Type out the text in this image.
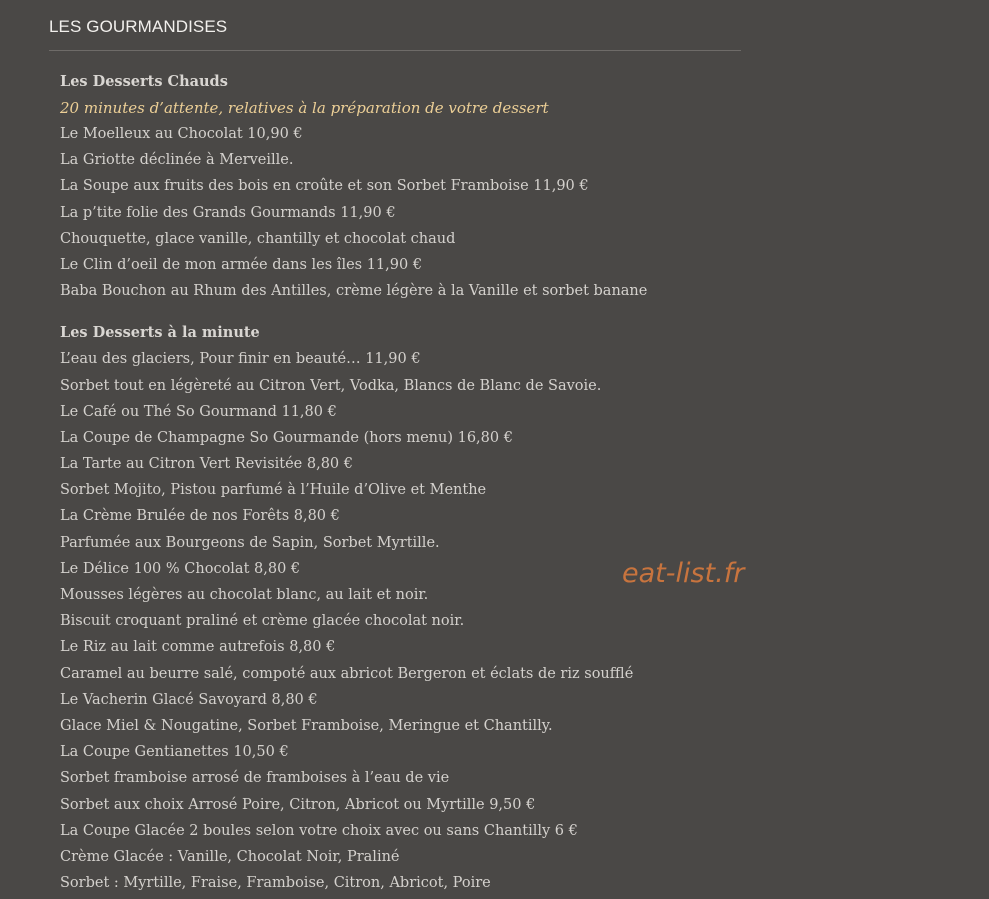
LES GOURMANDISES

Les Desserts Chauds

20 minutes d’attente, relatives à la préparation de votre dessert

Le Moelleux au Chocolat 10,90 €

La Griotte déclinée à Merveille.

La Soupe aux fruits des bois en croûte et son Sorbet Framboise 11,90 €

La p’tite folie des Grands Gourmands 11,90 €

Chouquette, glace vanille, chantilly et chocolat chaud

Le Clin d’oeil de mon armée dans les îles 11,90 €

Baba Bouchon au Rhum des Antilles, crème légère à la Vanille et sorbet banane

Les Desserts à la minute

L’eau des glaciers, Pour finir en beauté… 11,90 €

Sorbet tout en légèreté au Citron Vert, Vodka, Blancs de Blanc de Savoie.

Le Café ou Thé So Gourmand 11,80 €

La Coupe de Champagne So Gourmande (hors menu) 16,80 €

La Tarte au Citron Vert Revisitée 8,80 €

Sorbet Mojito, Pistou parfumé à l’Huile d’Olive et Menthe

La Crème Brulée de nos Forêts 8,80 €

Parfumée aux Bourgeons de Sapin, Sorbet Myrtille.

Le Délice 100 % Chocolat 8,80 €

Mousses légères au chocolat blanc, au lait et noir.

Biscuit croquant praliné et crème glacée chocolat noir.

Le Riz au lait comme autrefois 8,80 €

Caramel au beurre salé, compoté aux abricot Bergeron et éclats de riz soufflé

Le Vacherin Glacé Savoyard 8,80 €

Glace Miel & Nougatine, Sorbet Framboise, Meringue et Chantilly.

La Coupe Gentianettes 10,50 €

Sorbet framboise arrosé de framboises à l’eau de vie

Sorbet aux choix Arrosé Poire, Citron, Abricot ou Myrtille 9,50 €

La Coupe Glacée 2 boules selon votre choix avec ou sans Chantilly 6 €

Crème Glacée : Vanille, Chocolat Noir, Praliné

Sorbet : Myrtille, Fraise, Framboise, Citron, Abricot, Poire

eat-list.fr
